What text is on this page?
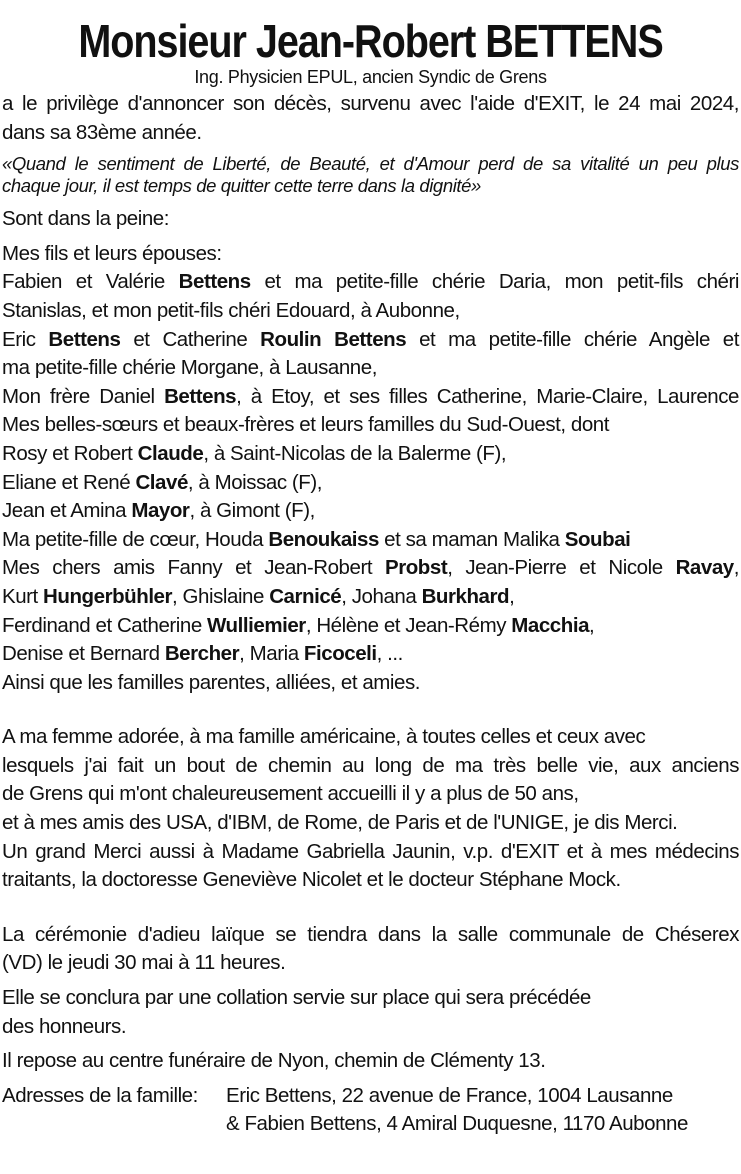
Monsieur Jean-Robert BETTENS
Ing. Physicien EPUL, ancien Syndic de Grens
a le privilège d'annoncer son décès, survenu avec l'aide d'EXIT, le 24 mai 2024,
dans sa 83ème année.
«Quand le sentiment de Liberté, de Beauté, et d'Amour perd de sa vitalité un peu plus
chaque jour, il est temps de quitter cette terre dans la dignité»
Sont dans la peine:
Mes fils et leurs épouses:
Fabien et Valérie Bettens et ma petite-fille chérie Daria, mon petit-fils chéri
Stanislas, et mon petit-fils chéri Edouard, à Aubonne,
Eric Bettens et Catherine Roulin Bettens et ma petite-fille chérie Angèle et
ma petite-fille chérie Morgane, à Lausanne,
Mon frère Daniel Bettens, à Etoy, et ses filles Catherine, Marie-Claire, Laurence
Mes belles-sœurs et beaux-frères et leurs familles du Sud-Ouest, dont
Rosy et Robert Claude, à Saint-Nicolas de la Balerme (F),
Eliane et René Clavé, à Moissac (F),
Jean et Amina Mayor, à Gimont (F),
Ma petite-fille de cœur, Houda Benoukaiss et sa maman Malika Soubai
Mes chers amis Fanny et Jean-Robert Probst, Jean-Pierre et Nicole Ravay,
Kurt Hungerbühler, Ghislaine Carnicé, Johana Burkhard,
Ferdinand et Catherine Wulliemier, Hélène et Jean-Rémy Macchia,
Denise et Bernard Bercher, Maria Ficoceli, ...
Ainsi que les familles parentes, alliées, et amies.
A ma femme adorée, à ma famille américaine, à toutes celles et ceux avec
lesquels j'ai fait un bout de chemin au long de ma très belle vie, aux anciens
de Grens qui m'ont chaleureusement accueilli il y a plus de 50 ans,
et à mes amis des USA, d'IBM, de Rome, de Paris et de l'UNIGE, je dis Merci.
Un grand Merci aussi à Madame Gabriella Jaunin, v.p. d'EXIT et à mes médecins
traitants, la doctoresse Geneviève Nicolet et le docteur Stéphane Mock.
La cérémonie d'adieu laïque se tiendra dans la salle communale de Chéserex
(VD) le jeudi 30 mai à 11 heures.
Elle se conclura par une collation servie sur place qui sera précédée
des honneurs.
Il repose au centre funéraire de Nyon, chemin de Clémenty 13.
Adresses de la famille:	Eric Bettens, 22 avenue de France, 1004 Lausanne
& Fabien Bettens, 4 Amiral Duquesne, 1170 Aubonne
